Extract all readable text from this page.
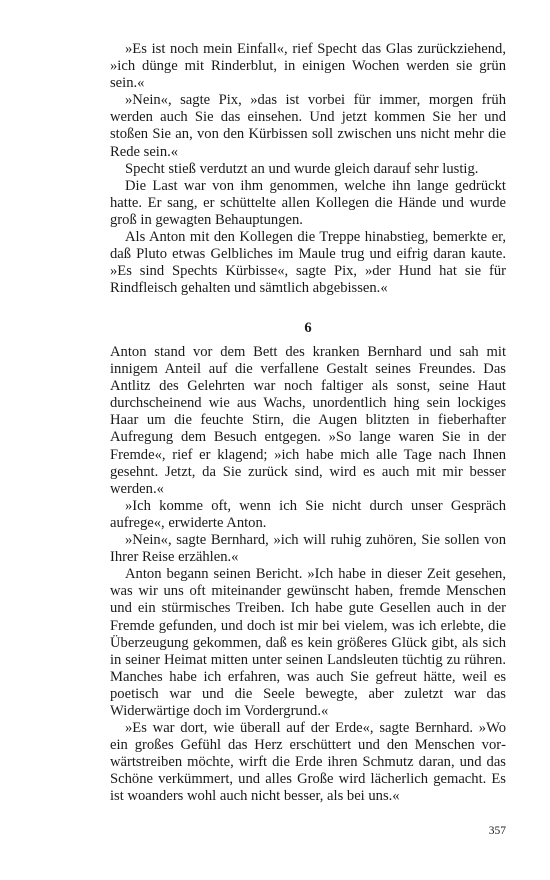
»Es ist noch mein Einfall«, rief Specht das Glas zurückziehend, »ich dünge mit Rinderblut, in einigen Wochen werden sie grün sein.«

»Nein«, sagte Pix, »das ist vorbei für immer, morgen früh werden auch Sie das einsehen. Und jetzt kommen Sie her und stoßen Sie an, von den Kürbissen soll zwischen uns nicht mehr die Rede sein.«

Specht stieß verdutzt an und wurde gleich darauf sehr lustig.

Die Last war von ihm genommen, welche ihn lange gedrückt hatte. Er sang, er schüttelte allen Kollegen die Hände und wurde groß in gewagten Behauptungen.

Als Anton mit den Kollegen die Treppe hinabstieg, bemerkte er, daß Pluto etwas Gelbliches im Maule trug und eifrig daran kaute. »Es sind Spechts Kürbisse«, sagte Pix, »der Hund hat sie für Rindfleisch gehalten und sämtlich abgebissen.«

6

Anton stand vor dem Bett des kranken Bernhard und sah mit innigem Anteil auf die verfallene Gestalt seines Freundes. Das Antlitz des Gelehrten war noch faltiger als sonst, seine Haut durchscheinend wie aus Wachs, unordentlich hing sein lockiges Haar um die feuchte Stirn, die Augen blitzten in fieberhafter Aufregung dem Besuch entgegen. »So lange waren Sie in der Fremde«, rief er klagend; »ich habe mich alle Tage nach Ihnen gesehnt. Jetzt, da Sie zurück sind, wird es auch mit mir besser werden.«

»Ich komme oft, wenn ich Sie nicht durch unser Gespräch aufrege«, erwiderte Anton.

»Nein«, sagte Bernhard, »ich will ruhig zuhören, Sie sollen von Ihrer Reise erzählen.«

Anton begann seinen Bericht. »Ich habe in dieser Zeit gesehen, was wir uns oft miteinander gewünscht haben, fremde Menschen und ein stürmisches Treiben. Ich habe gute Gesellen auch in der Fremde gefunden, und doch ist mir bei vielem, was ich erlebte, die Überzeugung gekommen, daß es kein größeres Glück gibt, als sich in seiner Heimat mitten unter seinen Landsleuten tüchtig zu rühren. Manches habe ich erfahren, was auch Sie gefreut hätte, weil es poetisch war und die Seele bewegte, aber zuletzt war das Widerwärtige doch im Vordergrund.«

»Es war dort, wie überall auf der Erde«, sagte Bernhard. »Wo ein großes Gefühl das Herz erschüttert und den Menschen vorwärtstreiben möchte, wirft die Erde ihren Schmutz daran, und das Schöne verkümmert, und alles Große wird lächerlich gemacht. Es ist woanders wohl auch nicht besser, als bei uns.«

357
